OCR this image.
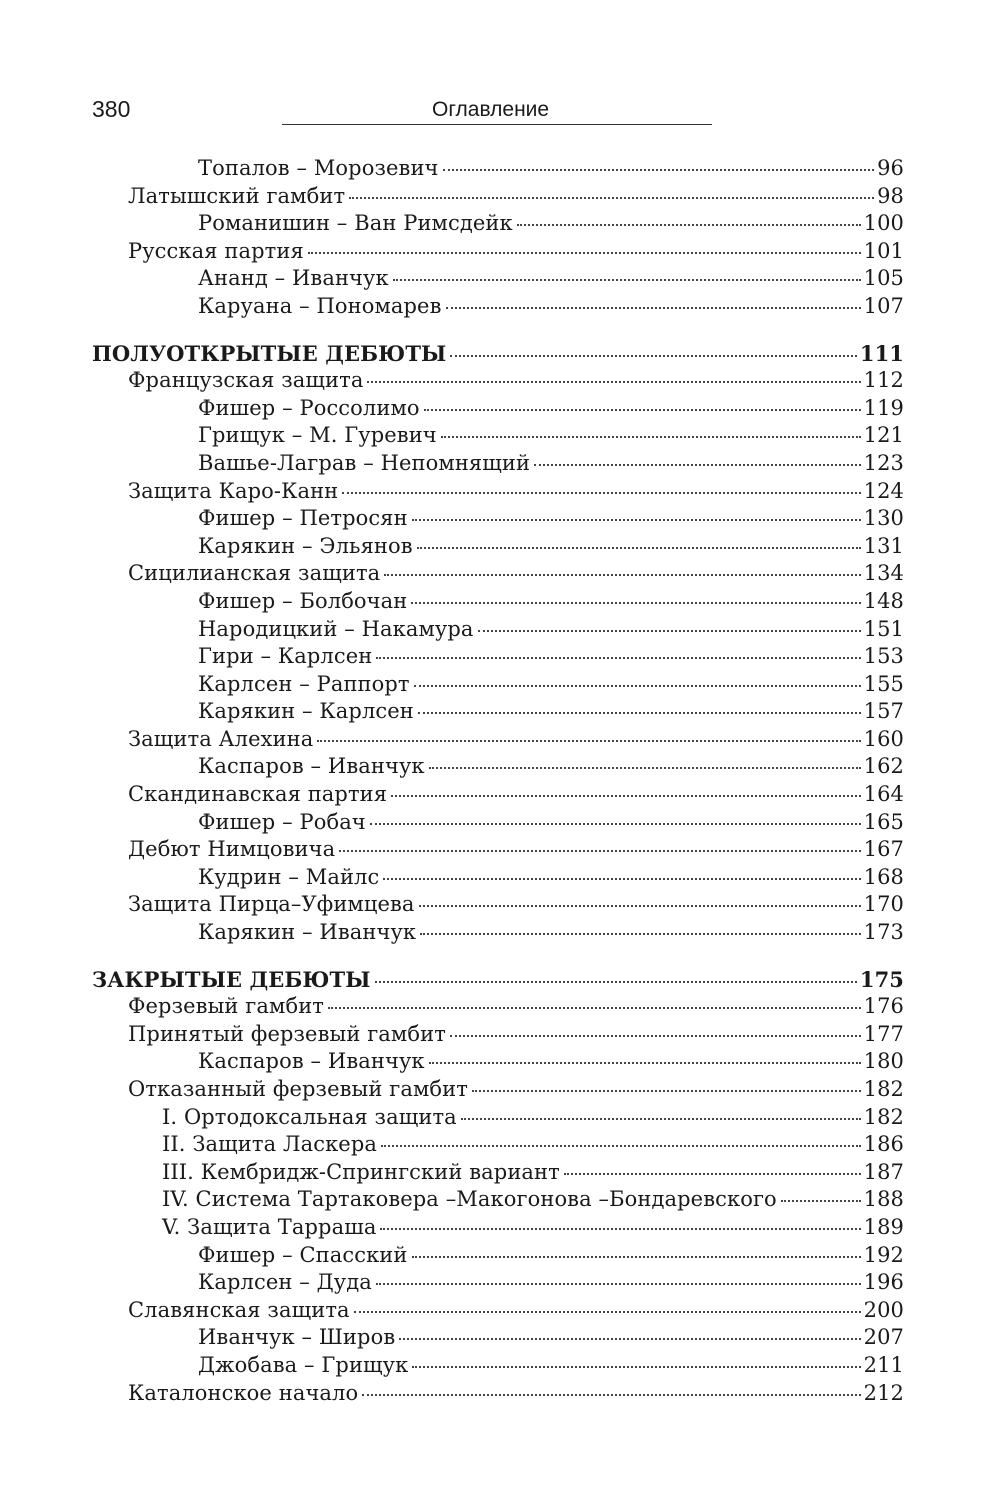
380	Оглавление
Топалов – Морозевич	96
Латышский гамбит	98
Романишин – Ван Римсдейк	100
Русская партия	101
Ананд – Иванчук	105
Каруана – Пономарев	107
ПОЛУОТКРЫТЫЕ ДЕБЮТЫ	111
Французская защита	112
Фишер – Россолимо	119
Грищук – М. Гуревич	121
Вашье-Лаграв – Непомнящий	123
Защита Каро-Канн	124
Фишер – Петросян	130
Карякин – Эльянов	131
Сицилианская защита	134
Фишер – Болбочан	148
Народицкий – Накамура	151
Гири – Карлсен	153
Карлсен – Раппорт	155
Карякин – Карлсен	157
Защита Алехина	160
Каспаров – Иванчук	162
Скандинавская партия	164
Фишер – Робач	165
Дебют Нимцовича	167
Кудрин – Майлс	168
Защита Пирца–Уфимцева	170
Карякин – Иванчук	173
ЗАКРЫТЫЕ ДЕБЮТЫ	175
Ферзевый гамбит	176
Принятый ферзевый гамбит	177
Каспаров – Иванчук	180
Отказанный ферзевый гамбит	182
I. Ортодоксальная защита	182
II. Защита Ласкера	186
III. Кембридж-Спрингский вариант	187
IV. Система Тартаковера –Макогонова –Бондаревского	188
V. Защита Тарраша	189
Фишер – Спасский	192
Карлсен – Дуда	196
Славянская защита	200
Иванчук – Широв	207
Джобава – Грищук	211
Каталонское начало	212
